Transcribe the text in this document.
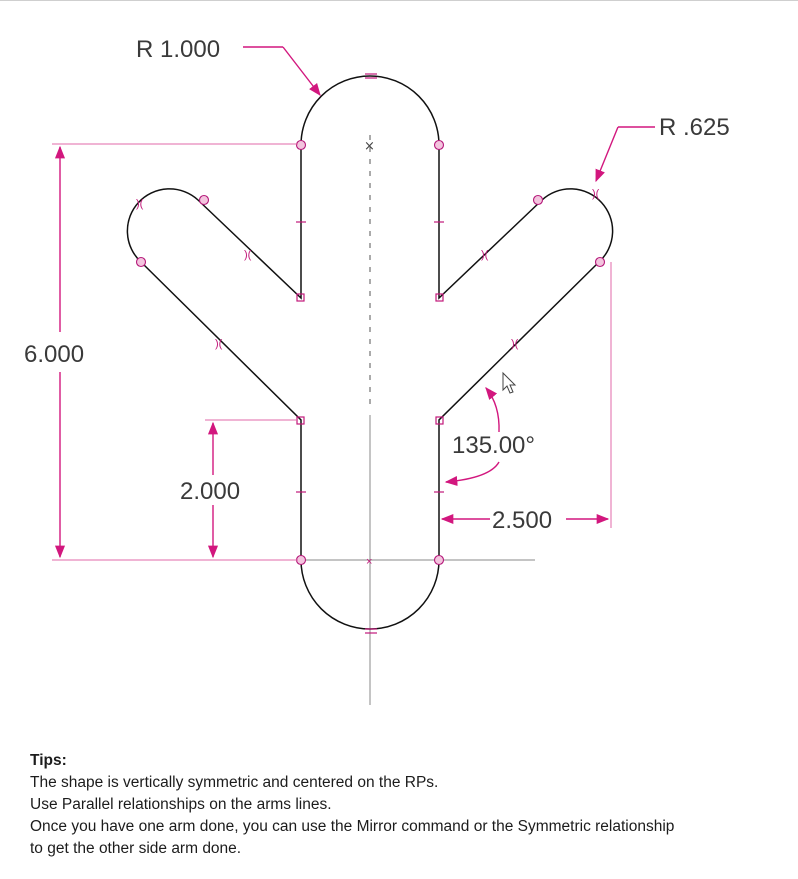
×
)(
)(
)(	)(
)(	)(
×
R 1.000
R .625
6.000
2.000
2.500
135.00°
Tips:
The shape is vertically symmetric and centered on the RPs.
Use Parallel relationships on the arms lines.
Once you have one arm done, you can use the Mirror command or the Symmetric relationship
to get the other side arm done.
